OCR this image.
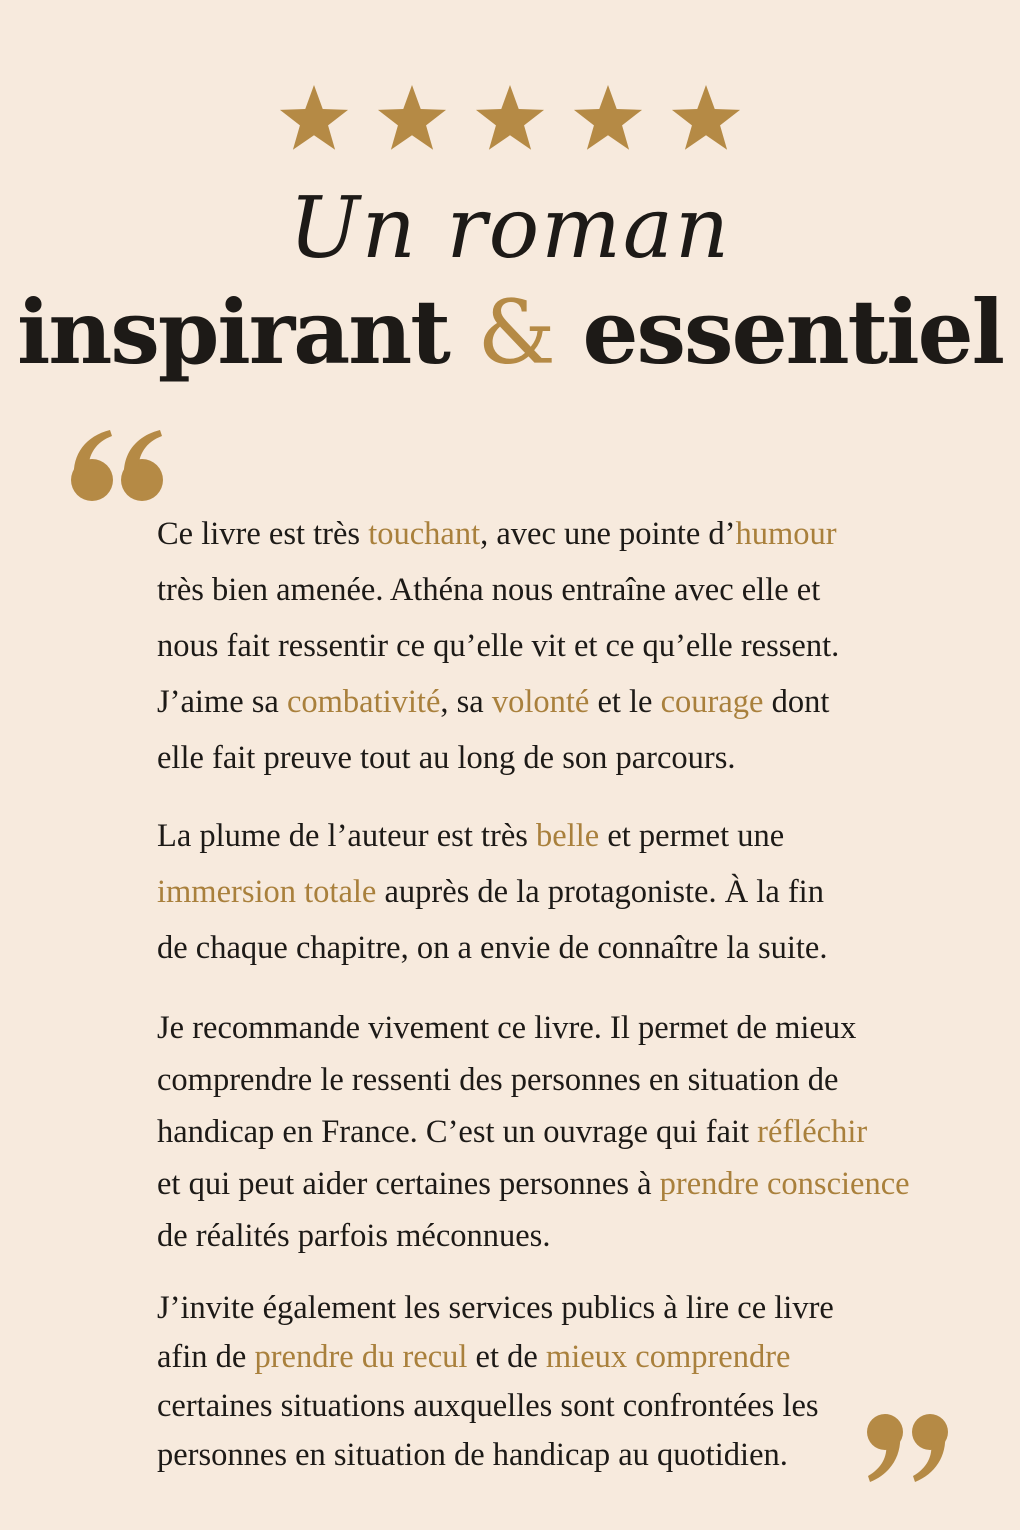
Un roman
inspirant & essentiel

Ce livre est très touchant, avec une pointe d’humour
très bien amenée. Athéna nous entraîne avec elle et
nous fait ressentir ce qu’elle vit et ce qu’elle ressent.
J’aime sa combativité, sa volonté et le courage dont
elle fait preuve tout au long de son parcours.

La plume de l’auteur est très belle et permet une
immersion totale auprès de la protagoniste. À la fin
de chaque chapitre, on a envie de connaître la suite.

Je recommande vivement ce livre. Il permet de mieux
comprendre le ressenti des personnes en situation de
handicap en France. C’est un ouvrage qui fait réfléchir
et qui peut aider certaines personnes à prendre conscience
de réalités parfois méconnues.

J’invite également les services publics à lire ce livre
afin de prendre du recul et de mieux comprendre
certaines situations auxquelles sont confrontées les
personnes en situation de handicap au quotidien.
